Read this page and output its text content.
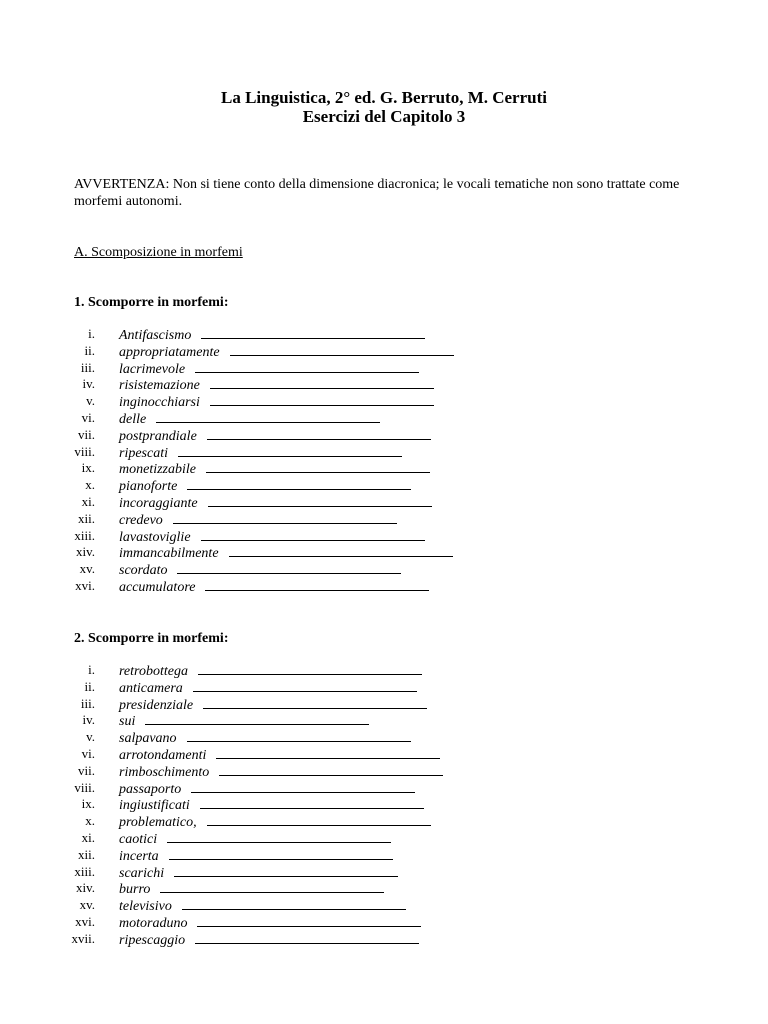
La Linguistica, 2° ed. G. Berruto, M. Cerruti
Esercizi del Capitolo 3
AVVERTENZA: Non si tiene conto della dimensione diacronica; le vocali tematiche non sono trattate come morfemi autonomi.
A. Scomposizione in morfemi
1. Scomporre in morfemi:
i. Antifascismo
ii. appropriatamente
iii. lacrimevole
iv. risistemazione
v. inginocchiarsi
vi. delle
vii. postprandiale
viii. ripescati
ix. monetizzabile
x. pianoforte
xi. incoraggiante
xii. credevo
xiii. lavastoviglie
xiv. immancabilmente
xv. scordato
xvi. accumulatore
2. Scomporre in morfemi:
i. retrobottega
ii. anticamera
iii. presidenziale
iv. sui
v. salpavano
vi. arrotondamenti
vii. rimboschimento
viii. passaporto
ix. ingiustificati
x. problematico,
xi. caotici
xii. incerta
xiii. scarichi
xiv. burro
xv. televisivo
xvi. motoraduno
xvii. ripescaggio
